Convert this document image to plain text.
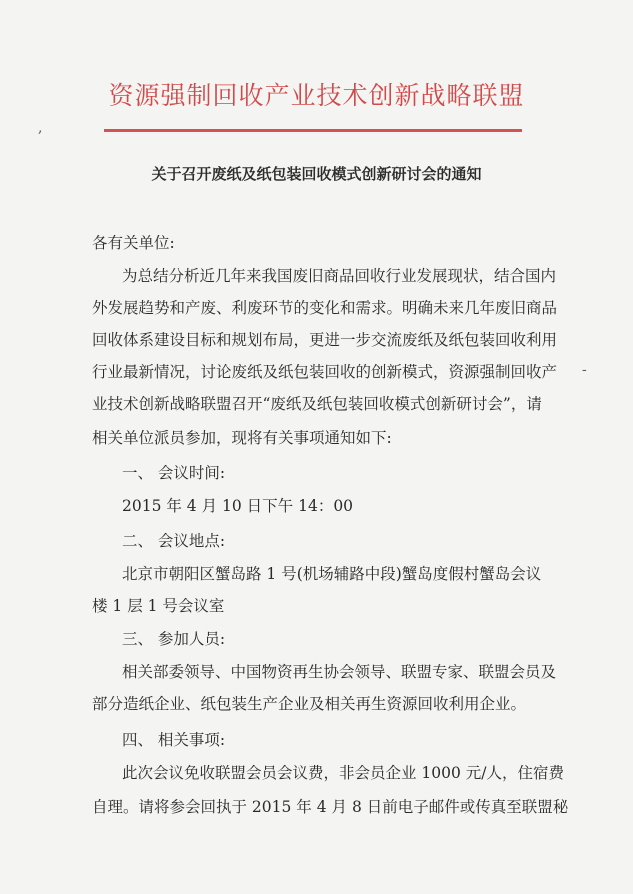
资源强制回收产业技术创新战略联盟
关于召开废纸及纸包装回收模式创新研讨会的通知
各有关单位:
为总结分析近几年来我国废旧商品回收行业发展现状，结合国内
外发展趋势和产废、利废环节的变化和需求。明确未来几年废旧商品
回收体系建设目标和规划布局，更进一步交流废纸及纸包装回收利用
行业最新情况，讨论废纸及纸包装回收的创新模式，资源强制回收产
业技术创新战略联盟召开“废纸及纸包装回收模式创新研讨会”，请
相关单位派员参加，现将有关事项通知如下:
一、 会议时间:
2015 年 4 月 10 日下午 14：00
二、 会议地点:
北京市朝阳区蟹岛路 1 号(机场辅路中段)蟹岛度假村蟹岛会议
楼 1 层 1 号会议室
三、 参加人员:
相关部委领导、中国物资再生协会领导、联盟专家、联盟会员及
部分造纸企业、纸包装生产企业及相关再生资源回收利用企业。
四、 相关事项:
此次会议免收联盟会员会议费，非会员企业 1000 元/人，住宿费
自理。请将参会回执于 2015 年 4 月 8 日前电子邮件或传真至联盟秘
,
-
